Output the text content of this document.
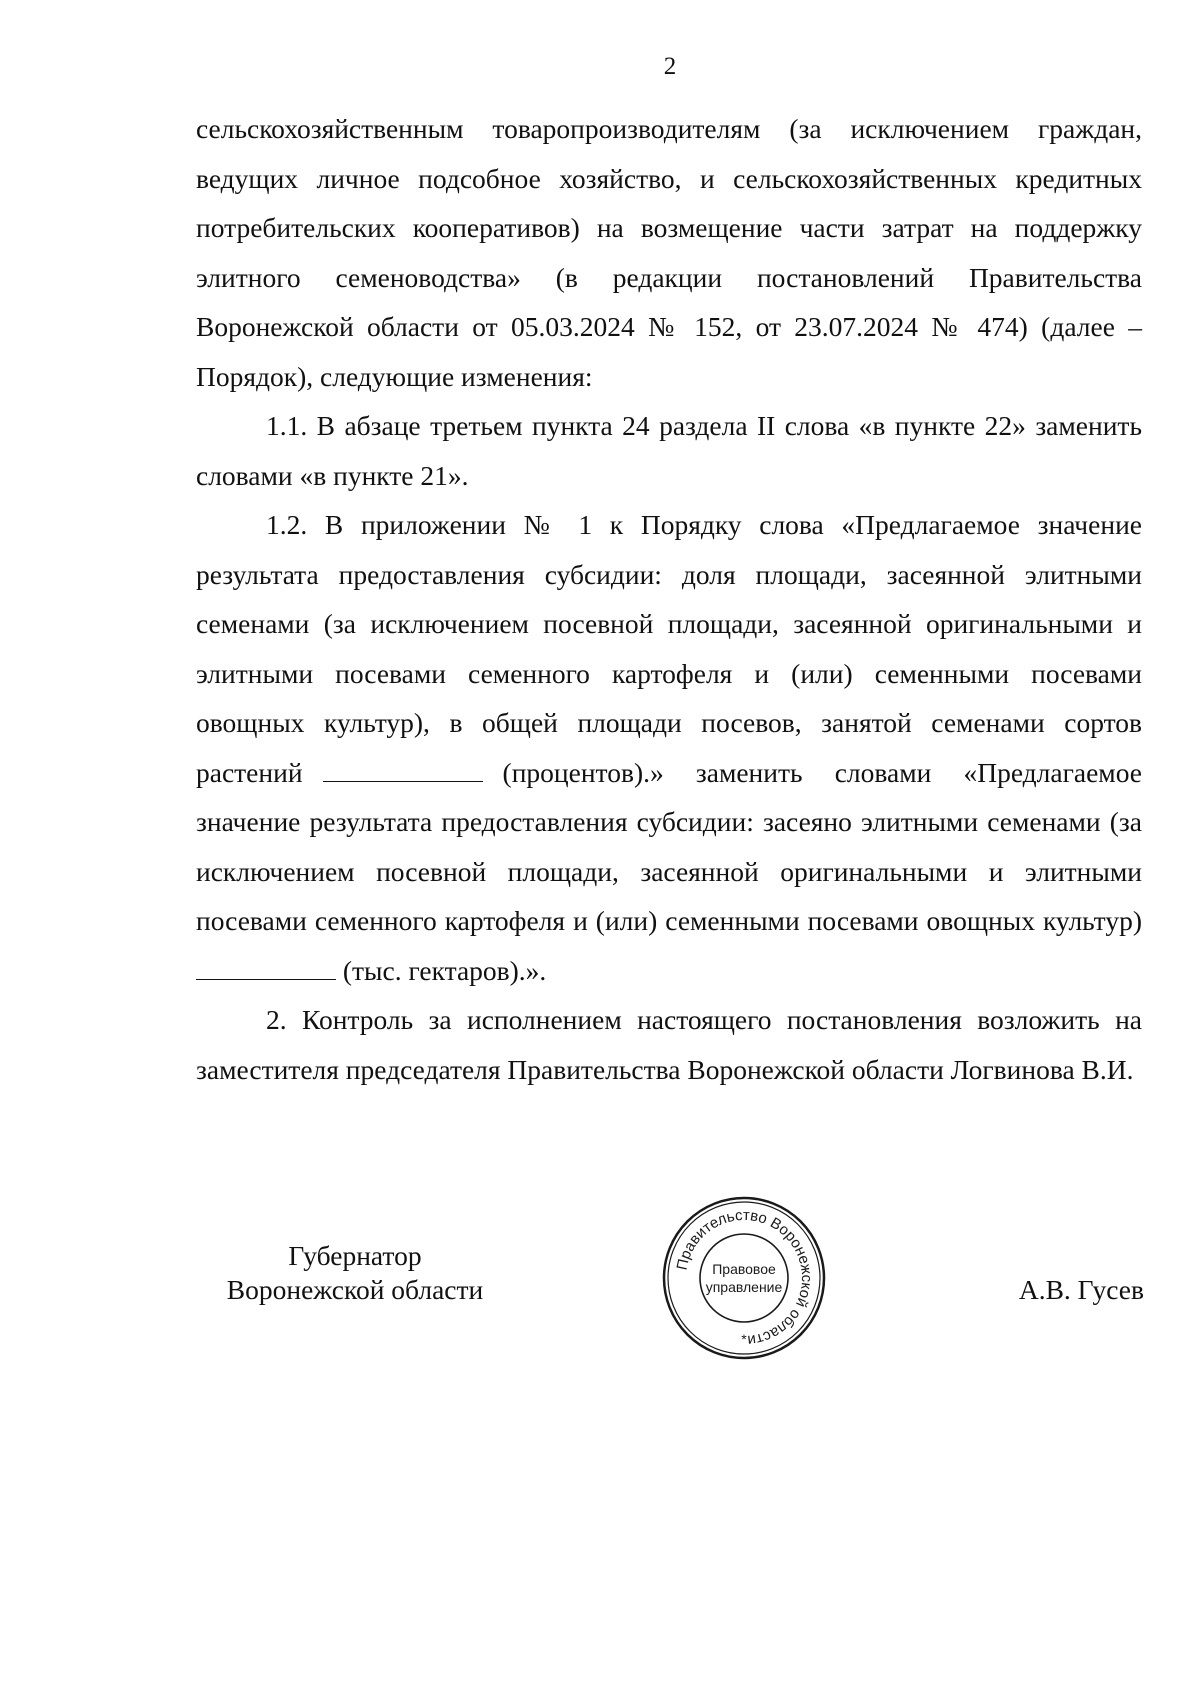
2

сельскохозяйственным товаропроизводителям (за исключением граждан, ведущих личное подсобное хозяйство, и сельскохозяйственных кредитных потребительских кооперативов) на возмещение части затрат на поддержку элитного семеноводства» (в редакции постановлений Правительства Воронежской области от 05.03.2024 № 152, от 23.07.2024 № 474) (далее – Порядок), следующие изменения:

1.1. В абзаце третьем пункта 24 раздела II слова «в пункте 22» заменить словами «в пункте 21».

1.2. В приложении № 1 к Порядку слова «Предлагаемое значение результата предоставления субсидии: доля площади, засеянной элитными семенами (за исключением посевной площади, засеянной оригинальными и элитными посевами семенного картофеля и (или) семенными посевами овощных культур), в общей площади посевов, занятой семенами сортов растений	(процентов).» заменить словами «Предлагаемое значение результата предоставления субсидии: засеяно элитными семенами (за исключением посевной площади, засеянной оригинальными и элитными посевами семенного картофеля и (или) семенными посевами овощных культур) (тыс. гектаров).».

2. Контроль за исполнением настоящего постановления возложить на заместителя председателя Правительства Воронежской области Логвинова В.И.

Губернатор
Воронежской области
Правительство Воронежской области
Правовое
управление
*
А.В. Гусев
